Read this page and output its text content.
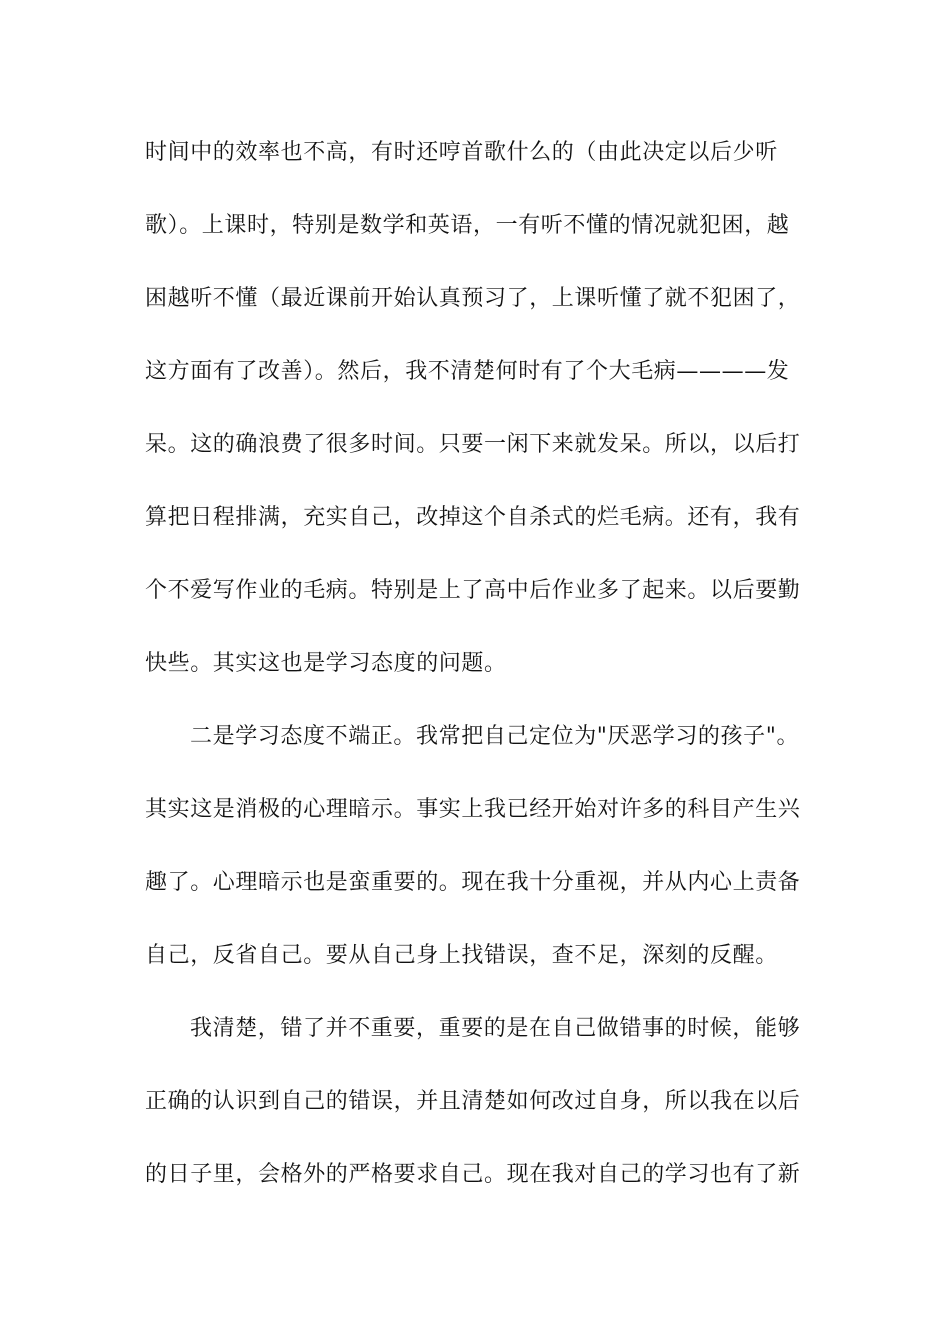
时间中的效率也不高，有时还哼首歌什么的（由此决定以后少听
歌）。上课时，特别是数学和英语，一有听不懂的情况就犯困，越
困越听不懂（最近课前开始认真预习了，上课听懂了就不犯困了，
这方面有了改善）。然后，我不清楚何时有了个大毛病————发
呆。这的确浪费了很多时间。只要一闲下来就发呆。所以，以后打
算把日程排满，充实自己，改掉这个自杀式的烂毛病。还有，我有
个不爱写作业的毛病。特别是上了高中后作业多了起来。以后要勤
快些。其实这也是学习态度的问题。
二是学习态度不端正。我常把自己定位为"厌恶学习的孩子"。
其实这是消极的心理暗示。事实上我已经开始对许多的科目产生兴
趣了。心理暗示也是蛮重要的。现在我十分重视，并从内心上责备
自己，反省自己。要从自己身上找错误，查不足，深刻的反醒。
我清楚，错了并不重要，重要的是在自己做错事的时候，能够
正确的认识到自己的错误，并且清楚如何改过自身，所以我在以后
的日子里，会格外的严格要求自己。现在我对自己的学习也有了新
